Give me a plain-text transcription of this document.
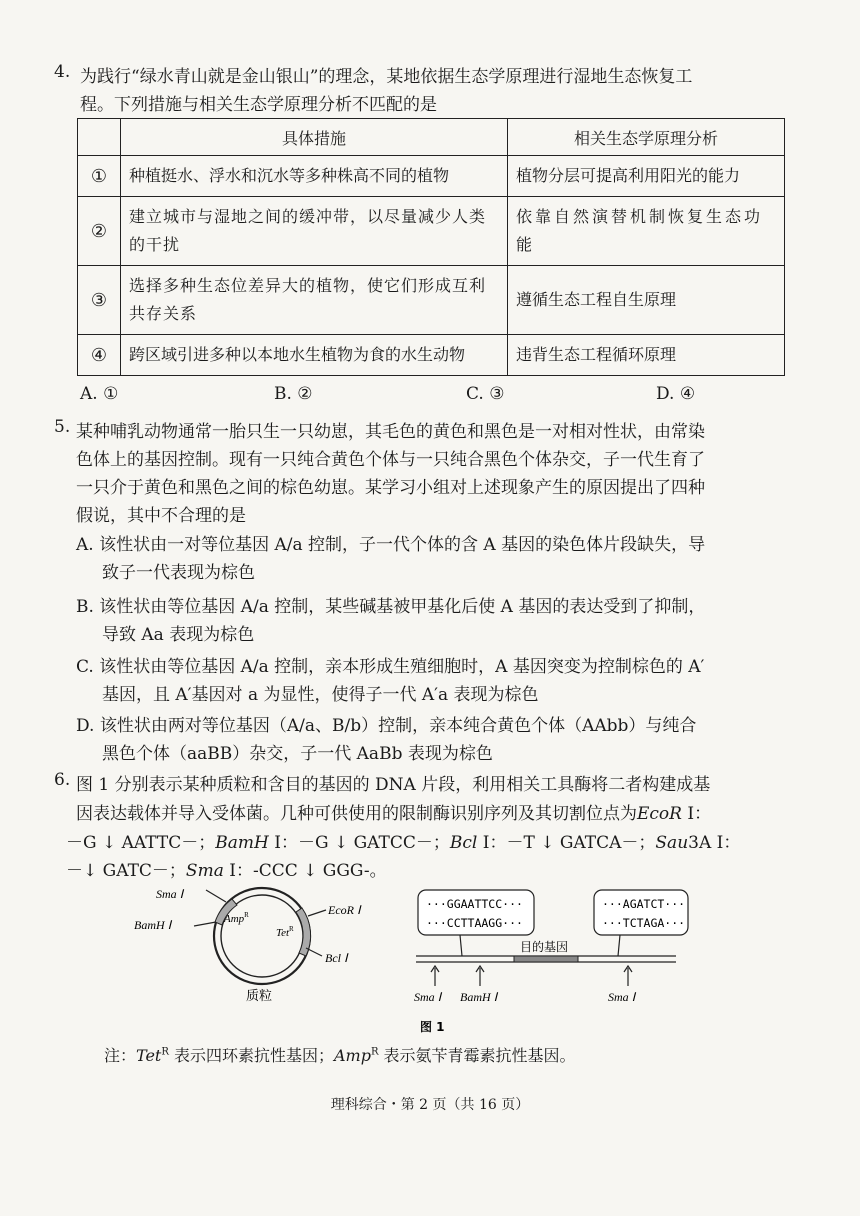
4. 为践行“绿水青山就是金山银山”的理念，某地依据生态学原理进行湿地生态恢复工
程。下列措施与相关生态学原理分析不匹配的是
	具体措施	相关生态学原理分析
①	种植挺水、浮水和沉水等多种株高不同的植物	植物分层可提高利用阳光的能力
②	建立城市与湿地之间的缓冲带，以尽量减少人类的干扰	依靠自然演替机制恢复生态功能
③	选择多种生态位差异大的植物，使它们形成互利共存关系	遵循生态工程自生原理
④	跨区域引进多种以本地水生植物为食的水生动物	违背生态工程循环原理
A. ①	B. ②	C. ③	D. ④
5. 某种哺乳动物通常一胎只生一只幼崽，其毛色的黄色和黑色是一对相对性状，由常染
色体上的基因控制。现有一只纯合黄色个体与一只纯合黑色个体杂交，子一代生育了
一只介于黄色和黑色之间的棕色幼崽。某学习小组对上述现象产生的原因提出了四种
假说，其中不合理的是
A. 该性状由一对等位基因 A/a 控制，子一代个体的含 A 基因的染色体片段缺失，导
致子一代表现为棕色
B. 该性状由等位基因 A/a 控制，某些碱基被甲基化后使 A 基因的表达受到了抑制，
导致 Aa 表现为棕色
C. 该性状由等位基因 A/a 控制，亲本形成生殖细胞时，A 基因突变为控制棕色的 A′
基因，且 A′基因对 a 为显性，使得子一代 A′a 表现为棕色
D. 该性状由两对等位基因（A/a、B/b）控制，亲本纯合黄色个体（AAbb）与纯合
黑色个体（aaBB）杂交，子一代 AaBb 表现为棕色
6. 图 1 分别表示某种质粒和含目的基因的 DNA 片段，利用相关工具酶将二者构建成基
因表达载体并导入受体菌。几种可供使用的限制酶识别序列及其切割位点为EcoR Ⅰ：
－G ↓ AATTC－；BamH Ⅰ：－G ↓ GATCC－；Bcl Ⅰ：－T ↓ GATCA－；Sau3A Ⅰ：
－↓ GATC－；Sma Ⅰ：-CCC ↓ GGG-。
Sma Ⅰ
BamH Ⅰ
EcoR Ⅰ
Bcl Ⅰ
Amp$^R$
Tet$^R$
质粒
···GGAATTCC···
···CCTTAAGG···
···AGATCT···
···TCTAGA···
目的基因
Sma Ⅰ BamH Ⅰ	Sma Ⅰ
图 1
注：Tet$^R$ 表示四环素抗性基因；Amp$^R$ 表示氨苄青霉素抗性基因。
理科综合・第 2 页（共 16 页）
